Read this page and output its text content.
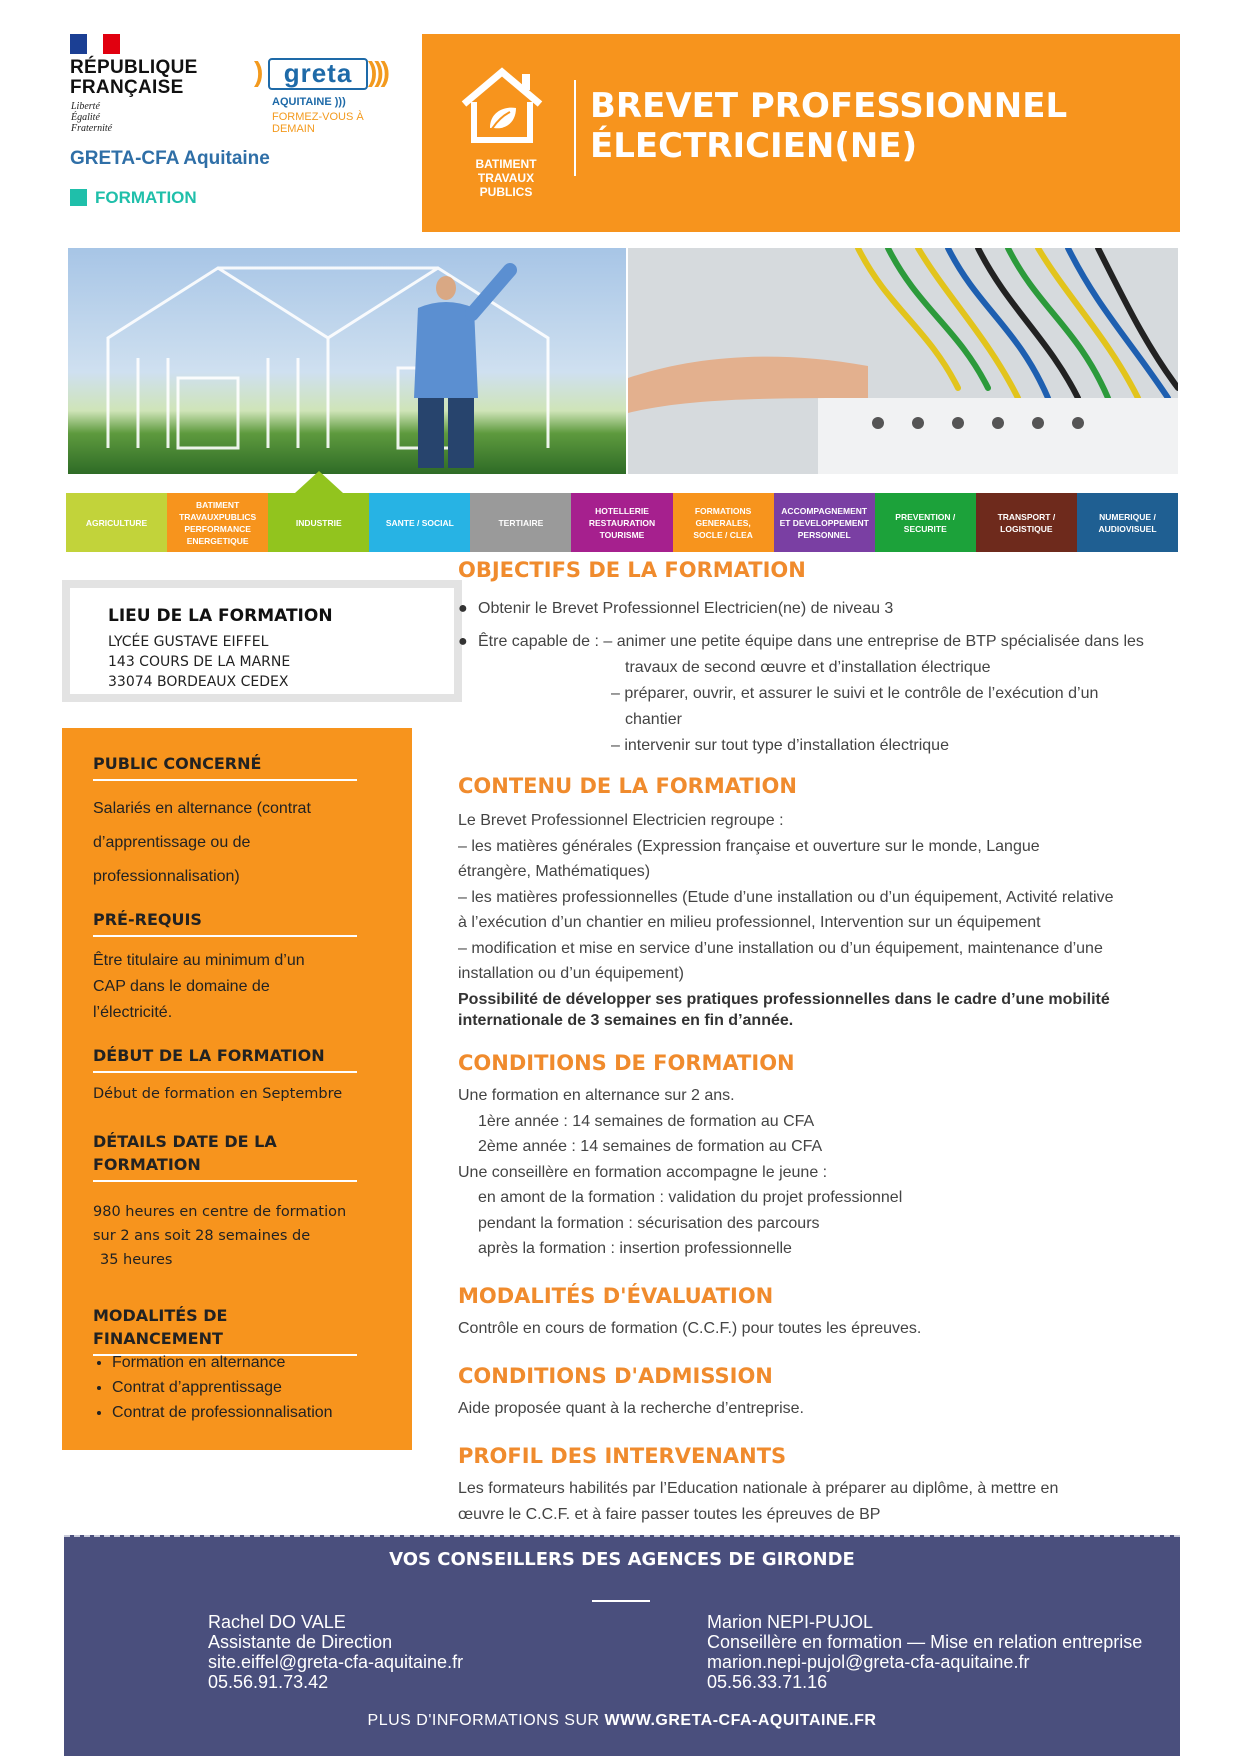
RÉPUBLIQUE
FRANÇAISE
Liberté
Égalité
Fraternité
) greta )))
AQUITAINE )))
FORMEZ-VOUS À DEMAIN
GRETA-CFA Aquitaine
FORMATION
BATIMENT
TRAVAUX
PUBLICS
BREVET PROFESSIONNEL
ÉLECTRICIEN(NE)
AGRICULTURE
BATIMENT
TRAVAUXPUBLICS
PERFORMANCE
ENERGETIQUE
INDUSTRIE	SANTE / SOCIAL	TERTIAIRE
HOTELLERIE
RESTAURATION
TOURISME
FORMATIONS
GENERALES,
SOCLE / CLEA
ACCOMPAGNEMENT
ET DEVELOPPEMENT
PERSONNEL
PREVENTION /
SECURITE
TRANSPORT /
LOGISTIQUE
NUMERIQUE /
AUDIOVISUEL
LIEU DE LA FORMATION
LYCÉE GUSTAVE EIFFEL
143 COURS DE LA MARNE
33074 BORDEAUX CEDEX
PUBLIC CONCERNÉ
Salariés en alternance (contrat
d’apprentissage ou de
professionnalisation)
PRÉ-REQUIS
Être titulaire au minimum d’un
CAP dans le domaine de
l’électricité.
DÉBUT DE LA FORMATION
Début de formation en Septembre
DÉTAILS DATE DE LA
FORMATION
980 heures en centre de formation
sur 2 ans soit 28 semaines de
35 heures
MODALITÉS DE FINANCEMENT
• Formation en alternance
• Contrat d’apprentissage
• Contrat de professionnalisation
OBJECTIFS DE LA FORMATION
● Obtenir le Brevet Professionnel Electricien(ne) de niveau 3
● Être capable de : – animer une petite équipe dans une entreprise de BTP spécialisée dans les
travaux de second œuvre et d’installation électrique
– préparer, ouvrir, et assurer le suivi et le contrôle de l’exécution d’un
chantier
– intervenir sur tout type d’installation électrique
CONTENU DE LA FORMATION
Le Brevet Professionnel Electricien regroupe :
– les matières générales (Expression française et ouverture sur le monde, Langue
étrangère, Mathématiques)
– les matières professionnelles (Etude d’une installation ou d’un équipement, Activité relative
à l’exécution d’un chantier en milieu professionnel, Intervention sur un équipement
– modification et mise en service d’une installation ou d’un équipement, maintenance d’une
installation ou d’un équipement)
Possibilité de développer ses pratiques professionnelles dans le cadre d’une mobilité
internationale de 3 semaines en fin d’année.
CONDITIONS DE FORMATION
Une formation en alternance sur 2 ans.
1ère année : 14 semaines de formation au CFA
2ème année : 14 semaines de formation au CFA
Une conseillère en formation accompagne le jeune :
en amont de la formation : validation du projet professionnel
pendant la formation : sécurisation des parcours
après la formation : insertion professionnelle
MODALITÉS D'ÉVALUATION
Contrôle en cours de formation (C.C.F.) pour toutes les épreuves.
CONDITIONS D'ADMISSION
Aide proposée quant à la recherche d’entreprise.
PROFIL DES INTERVENANTS
Les formateurs habilités par l’Education nationale à préparer au diplôme, à mettre en
œuvre le C.C.F. et à faire passer toutes les épreuves de BP
VOS CONSEILLERS DES AGENCES DE GIRONDE
Rachel DO VALE
Assistante de Direction
site.eiffel@greta-cfa-aquitaine.fr
05.56.91.73.42
Marion NEPI-PUJOL
Conseillère en formation — Mise en relation entreprise
marion.nepi-pujol@greta-cfa-aquitaine.fr
05.56.33.71.16
PLUS D'INFORMATIONS SUR WWW.GRETA-CFA-AQUITAINE.FR
